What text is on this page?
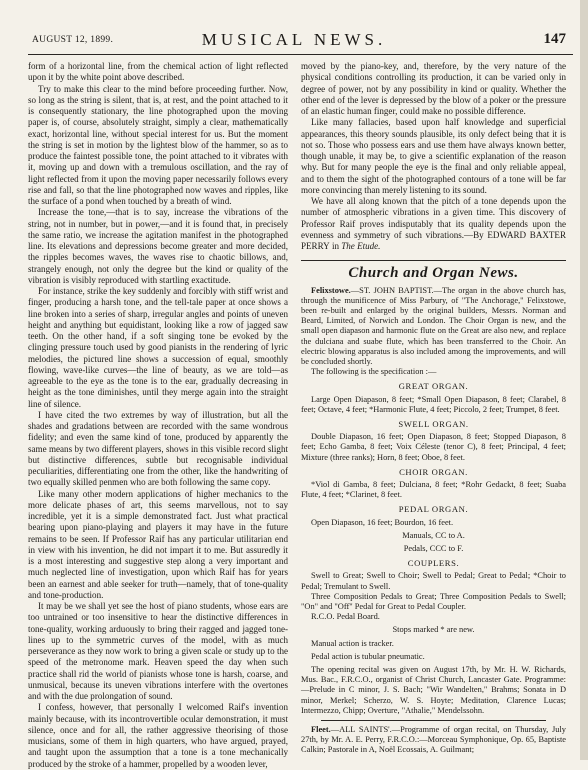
AUGUST 12, 1899.	MUSICAL NEWS.	147

form of a horizontal line, from the chemical action of light reflected upon it by the white point above described.

Try to make this clear to the mind before proceeding further. Now, so long as the string is silent, that is, at rest, and the point attached to it is consequently stationary, the line photographed upon the moving paper is, of course, absolutely straight, simply a clear, mathematically exact, horizontal line, without special interest for us. But the moment the string is set in motion by the lightest blow of the hammer, so as to produce the faintest possible tone, the point attached to it vibrates with it, moving up and down with a tremulous oscillation, and the ray of light reflected from it upon the moving paper necessarily follows every rise and fall, so that the line photographed now waves and ripples, like the surface of a pond when touched by a breath of wind.

Increase the tone,—that is to say, increase the vibrations of the string, not in number, but in power,—and it is found that, in precisely the same ratio, we increase the agitation manifest in the photographed line. Its elevations and depressions become greater and more decided, the ripples becomes waves, the waves rise to chaotic billows, and, strangely enough, not only the degree but the kind or quality of the vibration is visibly reproduced with startling exactitude.

For instance, strike the key suddenly and forcibly with stiff wrist and finger, producing a harsh tone, and the tell-tale paper at once shows a line broken into a series of sharp, irregular angles and points of uneven height and anything but equidistant, looking like a row of jagged saw teeth. On the other hand, if a soft singing tone be evoked by the clinging pressure touch used by good pianists in the rendering of lyric melodies, the pictured line shows a succession of equal, smoothly flowing, wave-like curves—the line of beauty, as we are told—as agreeable to the eye as the tone is to the ear, gradually decreasing in height as the tone diminishes, until they merge again into the straight line of silence.

I have cited the two extremes by way of illustration, but all the shades and gradations between are recorded with the same wondrous fidelity; and even the same kind of tone, produced by apparently the same means by two different players, shows in this visible record slight but distinctive differences, subtle but recognisable individual peculiarities, differentiating one from the other, like the handwriting of two equally skilled penmen who are both following the same copy.

Like many other modern applications of higher mechanics to the more delicate phases of art, this seems marvellous, not to say incredible, yet it is a simple demonstrated fact. Just what practical bearing upon piano-playing and players it may have in the future remains to be seen. If Professor Raif has any particular utilitarian end in view with his invention, he did not impart it to me. But assuredly it is a most interesting and suggestive step along a very important and much neglected line of investigation, upon which Raif has for years been an earnest and able seeker for truth—namely, that of tone-quality and tone-production.

It may be we shall yet see the host of piano students, whose ears are too untrained or too insensitive to hear the distinctive differences in tone-quality, working arduously to bring their ragged and jagged tone-lines up to the symmetric curves of the model, with as much perseverance as they now work to bring a given scale or study up to the speed of the metronome mark. Heaven speed the day when such practice shall rid the world of pianists whose tone is harsh, coarse, and unmusical, because its uneven vibrations interfere with the overtones and with the due prolongation of sound.

I confess, however, that personally I welcomed Raif's invention mainly because, with its incontrovertible ocular demonstration, it must silence, once and for all, the rather aggressive theorising of those musicians, some of them in high quarters, who have argued, prayed, and taught upon the assumption that a tone is a tone mechanically produced by the stroke of a hammer, propelled by a wooden lever,

moved by the piano-key, and, therefore, by the very nature of the physical conditions controlling its production, it can be varied only in degree of power, not by any possibility in kind or quality. Whether the other end of the lever is depressed by the blow of a poker or the pressure of an elastic human finger, could make no possible difference.

Like many fallacies, based upon half knowledge and superficial appearances, this theory sounds plausible, its only defect being that it is not so. Those who possess ears and use them have always known better, though unable, it may be, to give a scientific explanation of the reason why. But for many people the eye is the final and only reliable appeal, and to them the sight of the photographed contours of a tone will be far more convincing than merely listening to its sound.

We have all along known that the pitch of a tone depends upon the number of atmospheric vibrations in a given time. This discovery of Professor Raif proves indisputably that its quality depends upon the evenness and symmetry of such vibrations.—By EDWARD BAXTER PERRY in The Etude.

Church and Organ News.

Felixstowe.—ST. JOHN BAPTIST.—The organ in the above church has, through the munificence of Miss Parbury, of "The Anchorage," Felixstowe, been re-built and enlarged by the original builders, Messrs. Norman and Beard, Limited, of Norwich and London. The Choir Organ is new, and the small open diapason and harmonic flute on the Great are also new, and replace the dulciana and suabe flute, which has been transferred to the Choir. An electric blowing apparatus is also included among the improvements, and will be concluded shortly.

The following is the specification :—

GREAT ORGAN.

Large Open Diapason, 8 feet; *Small Open Diapason, 8 feet; Clarabel, 8 feet; Octave, 4 feet; *Harmonic Flute, 4 feet; Piccolo, 2 feet; Trumpet, 8 feet.

SWELL ORGAN.

Double Diapason, 16 feet; Open Diapason, 8 feet; Stopped Diapason, 8 feet; Echo Gamba, 8 feet; Voix Céleste (tenor C), 8 feet; Principal, 4 feet; Mixture (three ranks); Horn, 8 feet; Oboe, 8 feet.

CHOIR ORGAN.

*Viol di Gamba, 8 feet; Dulciana, 8 feet; *Rohr Gedackt, 8 feet; Suaba Flute, 4 feet; *Clarinet, 8 feet.

PEDAL ORGAN.

Open Diapason, 16 feet; Bourdon, 16 feet.

Manuals, CC to A.

Pedals, CCC to F.

COUPLERS.

Swell to Great; Swell to Choir; Swell to Pedal; Great to Pedal; *Choir to Pedal; Tremulant to Swell.

Three Composition Pedals to Great; Three Composition Pedals to Swell; "On" and "Off" Pedal for Great to Pedal Coupler.

R.C.O. Pedal Board.

Stops marked * are new.

Manual action is tracker.

Pedal action is tubular pneumatic.

The opening recital was given on August 17th, by Mr. H. W. Richards, Mus. Bac., F.R.C.O., organist of Christ Church, Lancaster Gate. Programme:—Prelude in C minor, J. S. Bach; "Wir Wandelten," Brahms; Sonata in D minor, Merkel; Scherzo, W. S. Hoyte; Meditation, Clarence Lucas; Intermezzo, Chipp; Overture, "Athalie," Mendelssohn.

Fleet.—ALL SAINTS'.—Programme of organ recital, on Thursday, July 27th, by Mr. A. E. Perry, F.R.C.O.:—Morceau Symphonique, Op. 65, Baptiste Calkin; Pastorale in A, Noël Ecossais, A. Guilmant;
